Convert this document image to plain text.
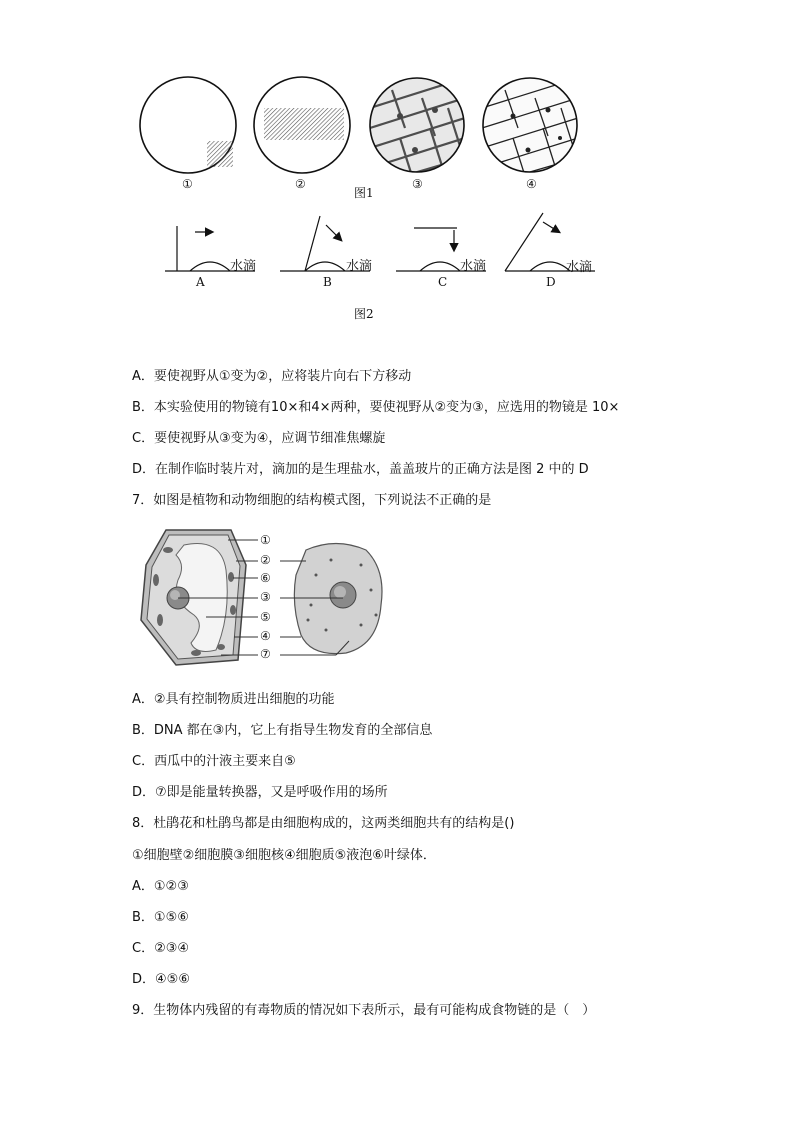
①	②
图1
③	④
水滴	水滴	水滴	水滴
A	B	C	D
图2
A．要使视野从①变为②，应将装片向右下方移动
B．本实验使用的物镜有10×和4×两种，要使视野从②变为③，应选用的物镜是 10×
C．要使视野从③变为④，应调节细准焦螺旋
D．在制作临时装片对，滴加的是生理盐水，盖盖玻片的正确方法是图 2 中的 D
7．如图是植物和动物细胞的结构模式图，下列说法不正确的是
①
②
⑥
③
⑤
④
⑦
A．②具有控制物质进出细胞的功能
B．DNA 都在③内，它上有指导生物发育的全部信息
C．西瓜中的汁液主要来自⑤
D．⑦即是能量转换器，又是呼吸作用的场所
8．杜鹃花和杜鹃鸟都是由细胞构成的，这两类细胞共有的结构是()
①细胞壁②细胞膜③细胞核④细胞质⑤液泡⑥叶绿体．
A．①②③
B．①⑤⑥
C．②③④
D．④⑤⑥
9．生物体内残留的有毒物质的情况如下表所示，最有可能构成食物链的是（　）
